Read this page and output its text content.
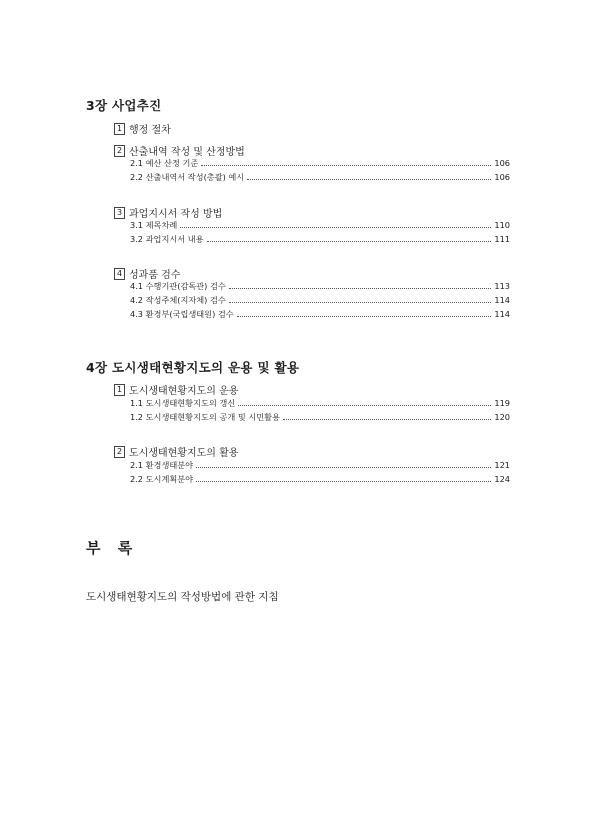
3장 사업추진
1 행정 절차
2 산출내역 작성 및 산정방법
2.1 예산 산정 기준	106
2.2 산출내역서 작성(총괄) 예시	106
3 과업지시서 작성 방법
3.1 제목차례	110
3.2 과업지시서 내용	111
4 성과품 검수
4.1 수행기관(감독관) 검수	113
4.2 작성주체(지자체) 검수	114
4.3 환경부(국립생태원) 검수	114
4장 도시생태현황지도의 운용 및 활용
1 도시생태현황지도의 운용
1.1 도시생태현황지도의 갱신	119
1.2 도시생태현황지도의 공개 및 시민활용	120
2 도시생태현황지도의 활용
2.1 환경생태분야	121
2.2 도시계획분야	124
부 록
도시생태현황지도의 작성방법에 관한 지침
